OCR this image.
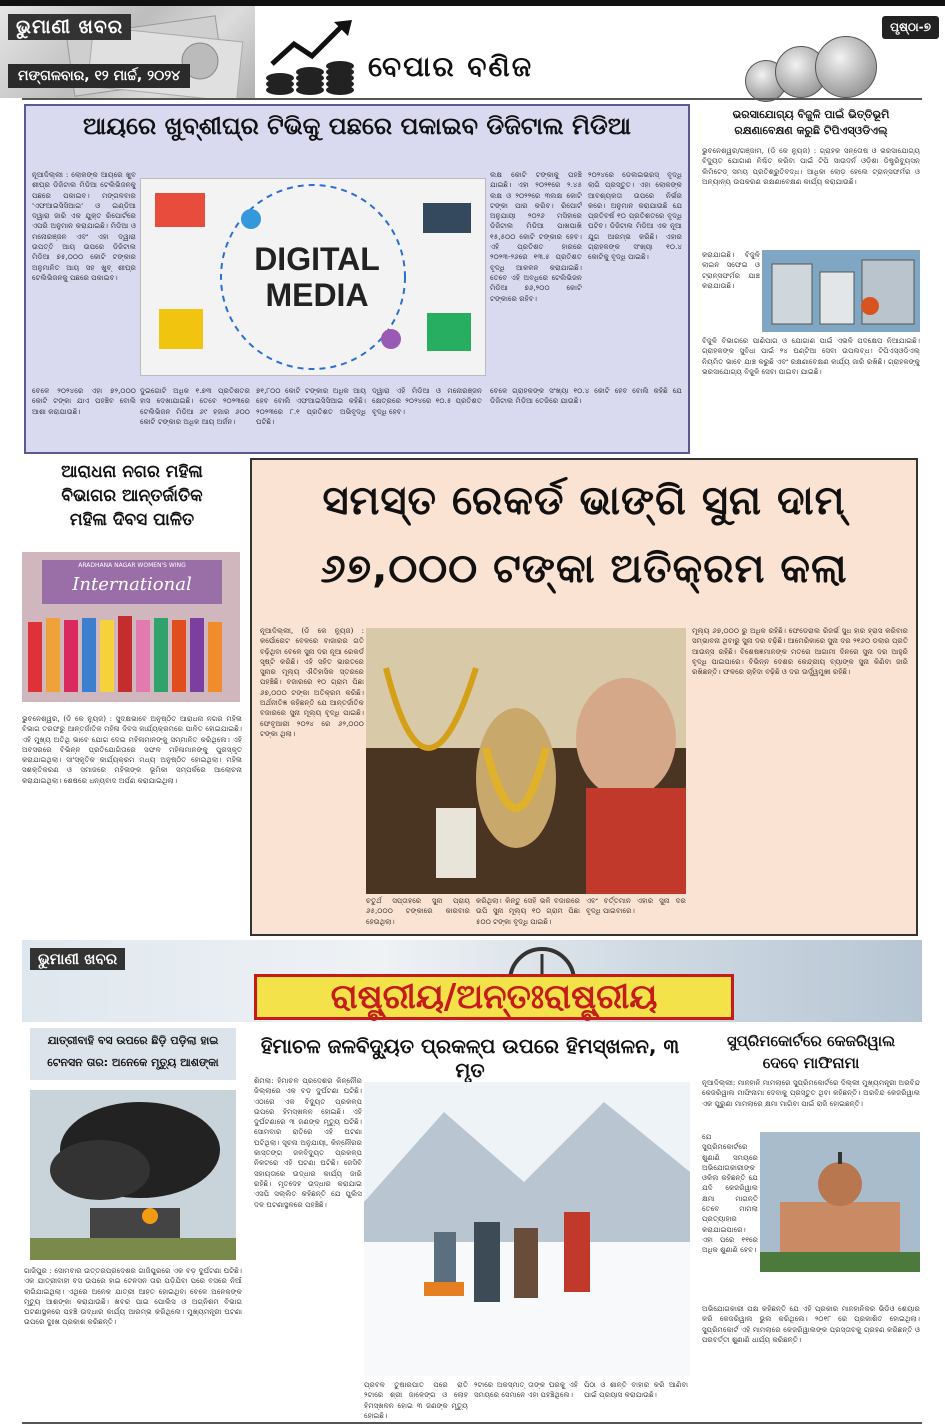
ଭୁମାଣୀ ଖବର
ମଙ୍ଗଳବାର, ୧୨ ମାର୍ଚ୍ଚ, ୨୦୨୪	ବେପାର ବଣିଜ
ପୃଷ୍ଠା-୭
ଆୟରେ ଖୁବ୍‌ଶୀଘ୍ର ଟିଭିକୁ ପଛରେ ପକାଇବ ଡିଜିଟାଲ ମିଡିଆ
ନୂଆଦିଲ୍ଲୀ : ଲୋକଙ୍କ ଆୟରେ ଖୁବ ଶୀଘ୍ର ଡିଜିଟାଲ ମିଡିଆ ଟେଲିଭିଜନକୁ ପଛରେ ପକାଇବ। ମଙ୍ଗଳବାର 'ଏଫଆଇସିସିଆଇ' ଓ ଇଣ୍ଡିଆ ଦ୍ୱାରା ଜାରି ଏକ ଯୁକ୍ତ ରିପୋର୍ଟରେ ଏପରି ଅନୁମାନ କରାଯାଇଛି। ମିଡିଆ ଓ ମନୋରଞ୍ଜନ ଏବଂ ଏହା ଦ୍ୱାରା ଉପତ୍ତି ଆୟ ଉପରେ ଡିଜିଟାଲ ମିଡିଆ ୭୫,୦୦୦ କୋଟି ଟଙ୍କାର ଅନୁମାନିତ ଆୟ ସହ ଖୁବ୍ ଶୀଘ୍ର ଟେଲିଭିଜନକୁ ପଛରେ ପକାଇବ।
DIGITAL
MEDIA
ଲକ୍ଷ କୋଟି ଟଙ୍କାକୁ ପହଞ୍ଚି ଯାଇଛି। ଏହା ୨୦୨୧ରେ ୨.୪୫ ଲକ୍ଷ ଓ ୨୦୨୨ରେ ୩ଲକ୍ଷ କୋଟି ଟଙ୍କା ପାର କରିବ। ରିପୋର୍ଟ ଅନୁଯାୟୀ ୨୦୨୬ ମସିହାରେ ଡିଜିଟାଲ ମିଡିଆ ପାଖପାଖି ୧୫,୫୦୦ କୋଟି ଟଙ୍କାର ହେବ। ଏହି ପ୍ରତିଶତ ହାରରେ ୨୦୨୩-୨୬ରେ ୧୩.୫ ପ୍ରତିଶତ ବୃଦ୍ଧି ଆକଳନ କରାଯାଇଛି। ତେବେ ଏହି ଅବଧିରେ ଟେଲିଭିଜନ ମିଡିଆ ୭୬,୨୦୦ କୋଟି ଟଙ୍କାରେ ରହିବ।
୨୦୨୪ରେ ଡେଲଇଭରସ୍ ବୃଦ୍ଧି ଲାଗି ପ୍ରସ୍ତୁତ। ଏହା ଲୋକଙ୍କ ଆବଶ୍ୟକତା ଉପରେ ନିର୍ଭର କରେ। ଅନୁମାନ କରାଯାଉଛି ଯେ ପ୍ରତିବର୍ଷ ୧୦ ପ୍ରତିଶତରେ ବୃଦ୍ଧି ଘଟିବ। ଡିଜିଟାଲ ମିଡିଆ ଏକ ନୂଆ ଯୁଗ ଆରମ୍ଭ କରିଛି। ଏହାର ଗ୍ରାହକଙ୍କ ସଂଖ୍ୟା ୧୦.୪ କୋଟିକୁ ବୃଦ୍ଧି ପାଇଛି।
ବେଳେ ୨୦୨୪ରେ ଏହା ୭୨,୦୦୦ କୋଟି ଟଙ୍କା ଯାଏ ପହଞ୍ଚିବ ବୋଲି ଆଶା କରାଯାଉଛି।
ଦୁଇଗୋଟି ଅଧିକ ୧.୭୩ ପ୍ରତିଶତର ହାସ ଦେଖାଯାଇଛି। ତେବେ ୨୦୨୩ରେ ଟେଲିଭିଜନ ମିଡିଆ ୬୯ ହଜାର ୬୦୦ କୋଟି ଟଙ୍କାର ଅଧିକ ଆୟ ଅର୍ଜନ।
୭୧,୮୦୦ କୋଟି ଟଙ୍କାର ଅଧିକ ଆୟ ହେବ ବୋଲି ଏଫଆଇସିସିଆଇ କହିଛି। ୨୦୨୩ରେ ୮.୧ ପ୍ରତିଶତ ଅଭିବୃଦ୍ଧି ଘଟିଛି।
ଦ୍ୱାରା ଏହି ମିଡିଆ ଓ ମନୋରଞ୍ଜନ କ୍ଷେତ୍ରରେ ୨୦୨୪ରେ ୧୦.୫ ପ୍ରତିଶତ ବୃଦ୍ଧି ହେବ।
ବେଳେ ଗ୍ରାହକଙ୍କ ସଂଖ୍ୟା ୧୦.୪ କୋଟି ହେବ ବୋଲି କହିଛି ଯେ ଡିଜିଟାଲ ମିଡିଆ ତେଜିରେ ଯାଉଛି।
ଭରସାଯୋଗ୍ୟ ବିଜୁଳି ପାଇଁ ଭିତ୍ତିଭୂମି
ରକ୍ଷଣାବେକ୍ଷଣ କରୁଛି ଟିପିଏସ୍‌ଓଡିଏଲ୍
ଭୁବନେଶ୍ୱର/ଗଞ୍ଜାମ, (ଡି କେ ନ୍ୟୁଜ) : ଗ୍ରାହକ ସନ୍ତୋଷ ଓ ଭରସାଯୋଗ୍ୟ ବିଦ୍ୟୁତ ଯୋଗାଣ ନିଶ୍ଚିତ କରିବା ପାଇଁ ଟିପି ସାଉଦର୍ନ ଓଡ଼ିଶା ଡିଷ୍ଟ୍ରିବ୍ୟୁସନ୍ ଲିମିଟେଡ୍ ସମୟ ପ୍ରତିଶ୍ରୁତିବଦ୍ଧ। ଆଧିକା ଲୋଡ଼ ହେଲେ ଟ୍ରାନ୍ସଫର୍ମର ଓ ଅନ୍ୟାନ୍ୟ ଉପକରଣ ରକ୍ଷଣାବେକ୍ଷଣ କାର୍ଯ୍ୟ କରାଯାଉଛି।
କରାଯାଇଛି। ବିଜୁଳି ଲାଇନ ସଫେଇ ଓ ଟ୍ରାନ୍ସଫର୍ମର ଯାଞ୍ଚ କରାଯାଉଛି।
ବିଜୁଳି ବିଭାଗରେ ପାଣିପାଗ ଓ ଯୋଗାଣ ପାଇଁ ଏଭଳି ପଦକ୍ଷେପ ନିଆଯାଇଛି। ଗ୍ରାହକଙ୍କ ସୁବିଧା ପାଇଁ ୨୪ ଘଣ୍ଟିଆ ସେବା ଉପଲବ୍ଧ। ଟିପିଏସ୍‌ଓଡିଏଲ୍ ନିୟମିତ ଭାବେ ଯାଞ୍ଚ କରୁଛି ଏବଂ ରକ୍ଷଣାବେକ୍ଷଣ କାର୍ଯ୍ୟ ଜାରି ରଖିଛି। ଗ୍ରାହକଙ୍କୁ ଭରସାଯୋଗ୍ୟ ବିଜୁଳି ସେବା ପାଇବା ଯାଇଛି।
ଆରାଧନା ନଗର ମହିଳା
ବିଭାଗର ଆନ୍ତର୍ଜାତିକ
ମହିଳା ଦିବସ ପାଳିତ
ARADHANA NAGAR WOMEN'S WING
International
ଭୁବନେଶ୍ୱର, (ଡି କେ ନ୍ୟୁଜ) : ସୁଦକ୍ଷଭାବେ ଅନୁଷ୍ଠିତ ଆରାଧନା ନଗର ମହିଳା ବିଭାଗ ତରଫରୁ ଆନ୍ତର୍ଜାତିକ ମହିଳା ଦିବସ କାର୍ଯ୍ୟକ୍ରମରେ ପାଳିତ ହୋଇଯାଇଛି। ଏହି ମୁଖ୍ୟ ଅତିଥି ଭାବେ ଯୋଗ ଦେଇ ମହିଳାମାନଙ୍କୁ ସମ୍ମାନିତ କରିଥିଲେ। ଏହି ଅବସରରେ ବିଭିନ୍ନ ପ୍ରତିଯୋଗିତାରେ ସଫଳ ମହିଳାମାନଙ୍କୁ ପୁରସ୍କୃତ କରାଯାଇଥିଲା। ସାଂସ୍କୃତିକ କାର୍ଯ୍ୟକ୍ରମ ମଧ୍ୟ ଅନୁଷ୍ଠିତ ହୋଇଥିଲା। ମହିଳା ସଶକ୍ତିକରଣ ଓ ସମାଜରେ ମହିଳାଙ୍କ ଭୂମିକା ସମ୍ପର୍କରେ ଆଲୋଚନା କରାଯାଇଥିଲା। ଶେଷରେ ଧନ୍ୟବାଦ ଅର୍ପଣ କରାଯାଇଥିଲା।
ସମସ୍ତ ରେକର୍ଡ ଭାଙ୍ଗି ସୁନା ଦାମ୍
୬୭,୦୦୦ ଟଙ୍କା ଅତିକ୍ରମ କଲା
ନୂଆଦିଲ୍ଲୀ, (ଡି କେ ନ୍ୟୁଜ) : କର୍ପୋରେଟ ବେଳରେ ବାଜାରର ଗତି ବଢ଼ିଥିବା ବେଳେ ସୁନା ଦର ନୂଆ ରେକର୍ଡ ସୃଷ୍ଟି କରିଛି। ଏହି ସହିତ ଭାରତରେ ସୁନାର ମୂଲ୍ୟ ଐତିହାସିକ ସ୍ତରରେ ପହଞ୍ଚିଛି। ବଜାରରେ ୧୦ ଗ୍ରାମ ପିଛା ୬୭,୦୦୦ ଟଙ୍କା ଅତିକ୍ରମ କରିଛି। ଅର୍ଥନୀତିଜ୍ଞ କହିଛନ୍ତି ଯେ ଆନ୍ତର୍ଜାତିକ ବଜାରରେ ସୁନା ମୂଲ୍ୟ ବୃଦ୍ଧି ପାଇଛି। ଫେବୃଆରୀ ୨୦୨୪ ରେ ୬୨,୦୦୦ ଟଙ୍କା ଥିଲା।
ମୂଲ୍ୟ ୬୭,୦୦୦ ରୁ ଅଧିକ ରହିଛି। ଫେଡେରାଲ ରିଜର୍ଭ ସୁଧ ହାର ହ୍ରାସ କରିବାର ସମ୍ଭାବନା ଥିବାରୁ ସୁନା ଦର ବଢ଼ିଛି। ଆମେରିକାରେ ସୁନା ଦର ୨୧୬୦ ଡଲାର ପ୍ରତି ଆଉନ୍ସ ରହିଛି। ବିଶେଷଜ୍ଞମାନଙ୍କ ମତରେ ଆଗାମୀ ଦିନରେ ସୁନା ଦର ଆହୁରି ବୃଦ୍ଧି ପାଇପାରେ। ବିଭିନ୍ନ ଦେଶର କେନ୍ଦ୍ରୀୟ ବ୍ୟାଙ୍କ ସୁନା କିଣିବା ଜାରି ରଖିଛନ୍ତି। ଫଳରେ ଚାହିଦା ବଢ଼ିଛି ଓ ଦର ଊର୍ଦ୍ଧ୍ୱମୁଖୀ ରହିଛି।
ଚତୁର୍ଥ ସପ୍ତାହରେ ସୁନା ପ୍ରାୟ ୬୫,୦୦୦ ଟଙ୍କାରେ କାରବାର ହେଉଥିଲା।
କରିଥିଲା। କିନ୍ତୁ ସେହି ଭଳି ବଜାରରେ ଉପି ସୁନା ମୂଲ୍ୟ ୧୦ ଗ୍ରାମ ପିଛା ୫୦୦ ଟଙ୍କା ବୃଦ୍ଧି ପାଇଛି।
ଏବଂ ବର୍ତ୍ତମାନ ଏହାର ସୁନା ଦର ବୃଦ୍ଧି ପାଇବାରେ।
ଭୁମାଣୀ ଖବର
ରାଷ୍ଟ୍ରୀୟ/ଅନ୍ତଃରାଷ୍ଟ୍ରୀୟ
ଯାତ୍ରୀବାହି ବସ ଉପରେ ଛିଡ଼ି ପଡ଼ିଲା ହାଇ
ଟେନସନ ତାର: ଅନେକେ ମୃତ୍ୟୁ ଆଶଙ୍କା
ଗାଜିପୁର : ସୋମବାର ଉତ୍ତରପ୍ରଦେଶର ଗାଜିପୁରରେ ଏକ ବଡ଼ ଦୁର୍ଘଟଣା ଘଟିଛି। ଏକ ଯାତ୍ରୀବାହୀ ବସ ଉପରେ ହାଇ ଟେନସନ ତାର ପଡ଼ିଯିବା ପରେ ବସରେ ନିଆଁ ଲାଗିଯାଇଥିଲା। ଏଥିରେ ଅନେକ ଯାତ୍ରୀ ଆହତ ହୋଇଥିବା ବେଳେ ଅନେକଙ୍କ ମୃତ୍ୟୁ ଆଶଙ୍କା କରାଯାଉଛି। ଖବର ପାଇ ପୋଲିସ ଓ ଅଗ୍ନିଶମ ବିଭାଗ ଘଟଣାସ୍ଥଳରେ ପହଞ୍ଚି ଉଦ୍ଧାର କାର୍ଯ୍ୟ ଆରମ୍ଭ କରିଥିଲେ। ମୁଖ୍ୟମନ୍ତ୍ରୀ ଘଟଣା ଉପରେ ଦୁଃଖ ପ୍ରକାଶ କରିଛନ୍ତି।
ହିମାଚଳ ଜଳବିଦ୍ୟୁତ ପ୍ରକଳ୍ପ ଉପରେ ହିମସ୍ଖଳନ, ୩ ମୃତ
ଶିମଲା: ହିମାଚଳ ପ୍ରଦେଶର କିନ୍ନୌର ଜିଲ୍ଲାରେ ଏକ ବଡ଼ ଦୁର୍ଘଟଣା ଘଟିଛି। ଏଠାରେ ଏକ ବିଦ୍ୟୁତ ପ୍ରକଳ୍ପ ଉପରେ ହିମସ୍ଖଳନ ହୋଇଛି। ଏହି ଦୁର୍ଘଟଣାରେ ୩ ଜଣଙ୍କ ମୃତ୍ୟୁ ଘଟିଛି। ସୋମବାର ରାତିରେ ଏହି ଘଟଣା ଘଟିଥିଲା। ସୂଚନା ଅନୁଯାୟୀ, କିନ୍ନୌରର କାସ୍ତଙ୍ଗ ଜଳବିଦ୍ୟୁତ ପ୍ରକଳ୍ପ ନିକଟରେ ଏହି ଘଟଣା ଘଟିଛି। ଜେସିବି ସହାୟତାରେ ଉଦ୍ଧାର କାର୍ଯ୍ୟ ଜାରି ରହିଛି। ମୃତଦେହ ଉଦ୍ଧାର କରାଯାଇ ଏସପି ସଲ୍ଲିତ କହିଛନ୍ତି ଯେ ପୁଲିସ ଦଳ ଘଟଣାସ୍ଥଳରେ ପହଞ୍ଚିଛି।
ପ୍ରବଳ ତୁଷାରପାତ ପରେ ରାତି ୨ଟାରେ ଶ୍ରୀ ଜାଳେଙ୍ଗ ଓ ଲୋହ ହିମସ୍ଖଳନ ହୋଇ ୩ ଜଣଙ୍କ ମୃତ୍ୟୁ ହୋଇଛି।
୨ଟାରେ ଅକସ୍ମାତ୍ ତାଙ୍କ ଘରକୁ ଏହି ସମୟରେ ସେମାନେ ଏହା ପହଞ୍ଚିଥିଲେ।
ପିଠା ଓ ଶାନ୍ତି ବାହାର କରି ଆଣିବା ପାଇଁ ପ୍ରୟାସ କରାଯାଉଛି।
ସୁପ୍ରିମକୋର୍ଟରେ କେଜରିୱାଲ
ଦେବେ ମାଫିନାମା
ନୂଆଦିଲ୍ଲୀ: ମାନହାନି ମାମଲାରେ ସୁପ୍ରିମକୋର୍ଟରେ ଦିଲ୍ଲୀ ମୁଖ୍ୟମନ୍ତ୍ରୀ ଅରବିନ୍ଦ କେଜରିୱାଲ ମାଫିନାମା ଦେବାକୁ ପ୍ରସ୍ତୁତ ଥିବା କହିଛନ୍ତି। ଅରବିନ୍ଦ କେଜରିୱାଲ ଏକ ପୁରୁଣା ମାମଲାରେ କ୍ଷମା ମାଗିବା ପାଇଁ ରାଜି ହୋଇଛନ୍ତି।
ଯେ ସୁପ୍ରିମକୋର୍ଟରେ ଶୁଣାଣି ସମୟରେ ଅଭିଯୋଗକାରୀଙ୍କ ଓକିଲ କହିଛନ୍ତି ଯେ ଯଦି କେଜରିୱାଲ କ୍ଷମା ମାଗନ୍ତି ତେବେ ମାମଲା ପ୍ରତ୍ୟାହାର କରାଯାଇପାରେ। ଏହା ପରେ ୧୧ରେ ଅଧିକ ଶୁଣାଣି ହେବ।
ଅଭିଯୋଗକାରୀ ପକ୍ଷ କହିଛନ୍ତି ଯେ ଏହି ପ୍ରକାର ମାନହାନିକର ଭିଡିଓ ଶେୟାର କରି କେଜରିୱାଲ ଭୁଲ କରିଥିଲେ। ୨୦୧୮ ରେ ପ୍ରକାଶିତ ହୋଇଥିଲା। ସୁପ୍ରିମକୋର୍ଟ ଏହି ମାମଲାରେ କେଜରିୱାଲଙ୍କ ପ୍ରସ୍ତାବକୁ ଗ୍ରହଣ କରିଛନ୍ତି ଓ ପରବର୍ତ୍ତୀ ଶୁଣାଣି ଧାର୍ଯ୍ୟ କରିଛନ୍ତି।
